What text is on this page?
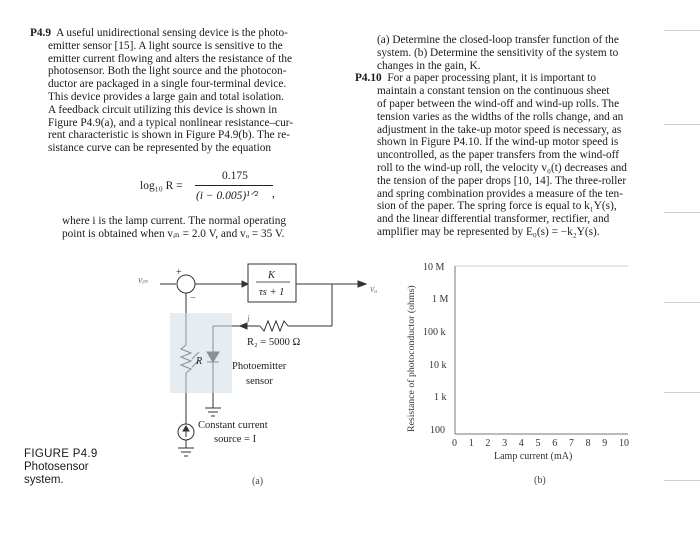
P4.9 A useful unidirectional sensing device is the photo-

emitter sensor [15]. A light source is sensitive to the

emitter current flowing and alters the resistance of the

photosensor. Both the light source and the photocon-

ductor are packaged in a single four-terminal device.

This device provides a large gain and total isolation.

A feedback circuit utilizing this device is shown in

Figure P4.9(a), and a typical nonlinear resistance–cur-

rent characteristic is shown in Figure P4.9(b). The re-

sistance curve can be represented by the equation

log₁₀ R =
0.175
(i − 0.005)¹ᐟ² ,

where i is the lamp current. The normal operating

point is obtained when vᵢₙ = 2.0 V, and vₒ = 35 V.

(a) Determine the closed-loop transfer function of the

system. (b) Determine the sensitivity of the system to

changes in the gain, K.

P4.10 For a paper processing plant, it is important to

maintain a constant tension on the continuous sheet

of paper between the wind-off and wind-up rolls. The

tension varies as the widths of the rolls change, and an

adjustment in the take-up motor speed is necessary, as

shown in Figure P4.10. If the wind-up motor speed is

uncontrolled, as the paper transfers from the wind-off

roll to the wind-up roll, the velocity v₀(t) decreases and

the tension of the paper drops [10, 14]. The three-roller

and spring combination provides a measure of the ten-

sion of the paper. The spring force is equal to k₁Y(s),

and the linear differential transformer, rectifier, and

amplifier may be represented by E₀(s) = −k₂Y(s).

FIGURE P4.9
Photosensor
system.
vᵢₙ
+
−
K
τs + 1	vₒ
i
R₂ = 5000 Ω
R	Photoemitter
sensor
Constant current
source = I
(a)
Resistance of photoconductor (ohms)
10 M
1 M
100 k
10 k
1 k
100
0 1 2 3 4 5 6 7 8 9 10
Lamp current (mA)
(b)
